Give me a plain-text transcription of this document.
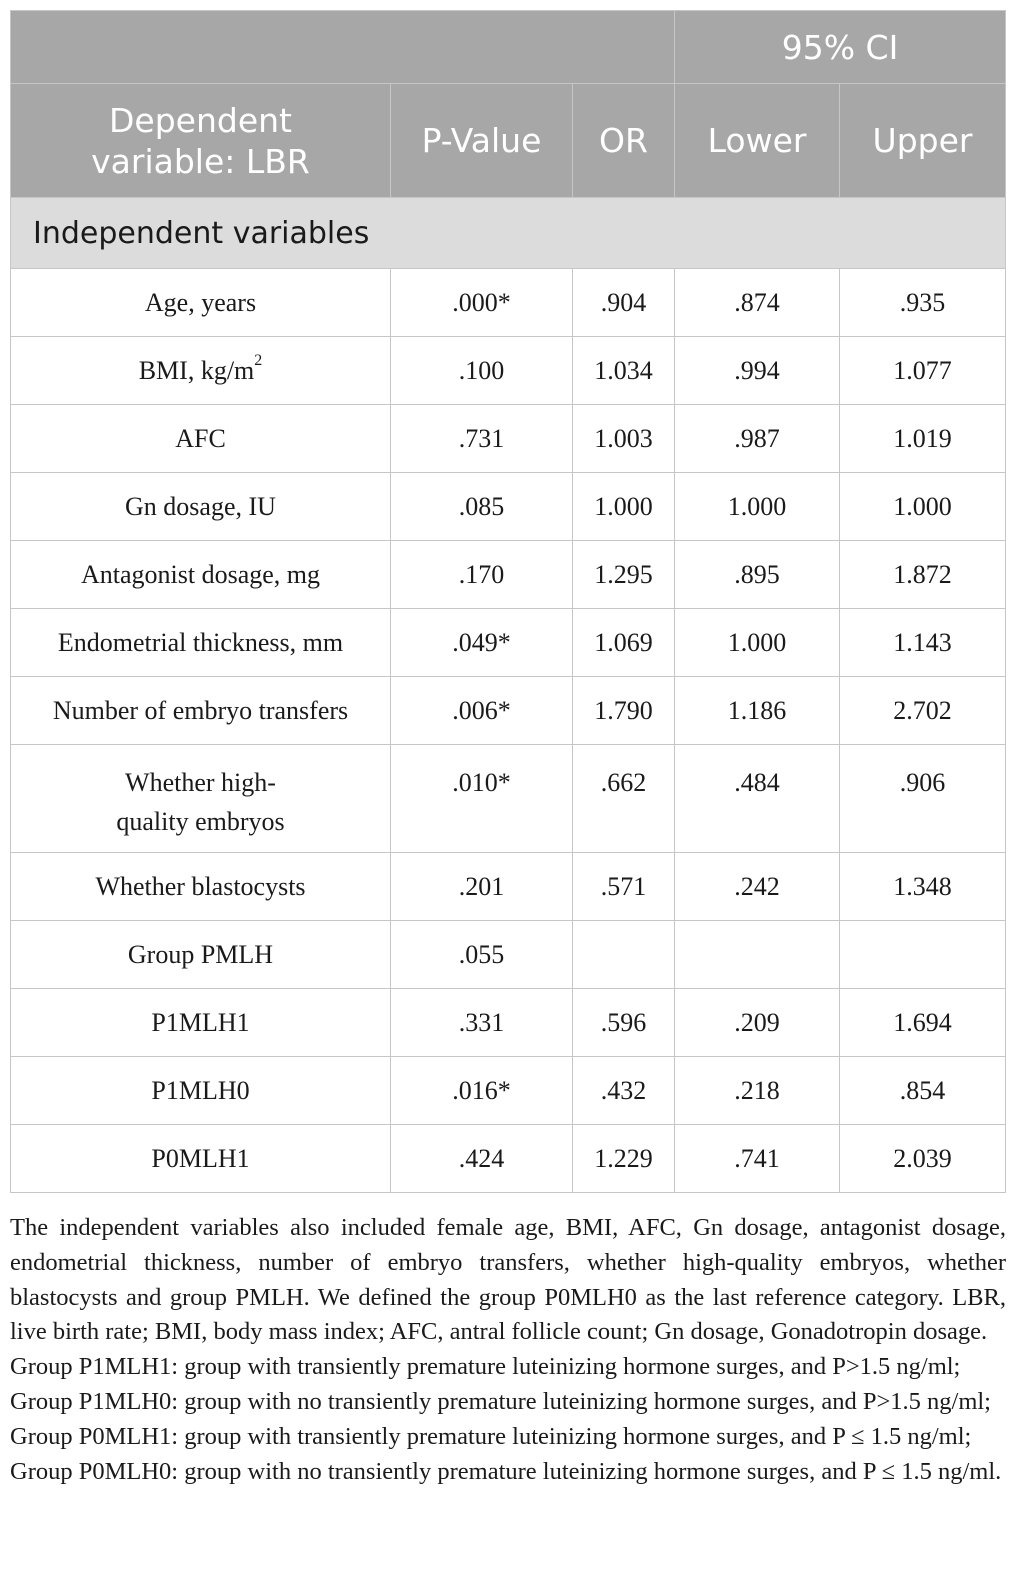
			95% CI	

Dependent
variable: LBR	P-Value	OR	Lower	Upper
Independent variables				
Age, years	.000*	.904	.874	.935
BMI, $kg/m^2$	.100	1.034	.994	1.077
AFC	.731	1.003	.987	1.019
Gn dosage, IU	.085	1.000	1.000	1.000
Antagonist dosage, mg	.170	1.295	.895	1.872
Endometrial thickness, mm	.049*	1.069	1.000	1.143
Number of embryo transfers	.006*	1.790	1.186	2.702

Whether high-
quality embryos	.010*	.662	.484	.906
Whether blastocysts	.201	.571	.242	1.348
Group PMLH	.055			
P1MLH1	.331	.596	.209	1.694
P1MLH0	.016*	.432	.218	.854
P0MLH1	.424	1.229	.741	2.039

The independent variables also included female age, BMI, AFC, Gn dosage, antagonist dosage, endometrial thickness, number of embryo transfers, whether high-quality embryos, whether blastocysts and group PMLH. We defined the group P0MLH0 as the last reference category. LBR, live birth rate; BMI, body mass index; AFC, antral follicle count; Gn dosage, Gonadotropin dosage.

Group P1MLH1: group with transiently premature luteinizing hormone surges, and P>1.5 ng/ml;

Group P1MLH0: group with no transiently premature luteinizing hormone surges, and P>1.5 ng/ml;

Group P0MLH1: group with transiently premature luteinizing hormone surges, and P ≤ 1.5 ng/ml;

Group P0MLH0: group with no transiently premature luteinizing hormone surges, and P ≤ 1.5 ng/ml.
